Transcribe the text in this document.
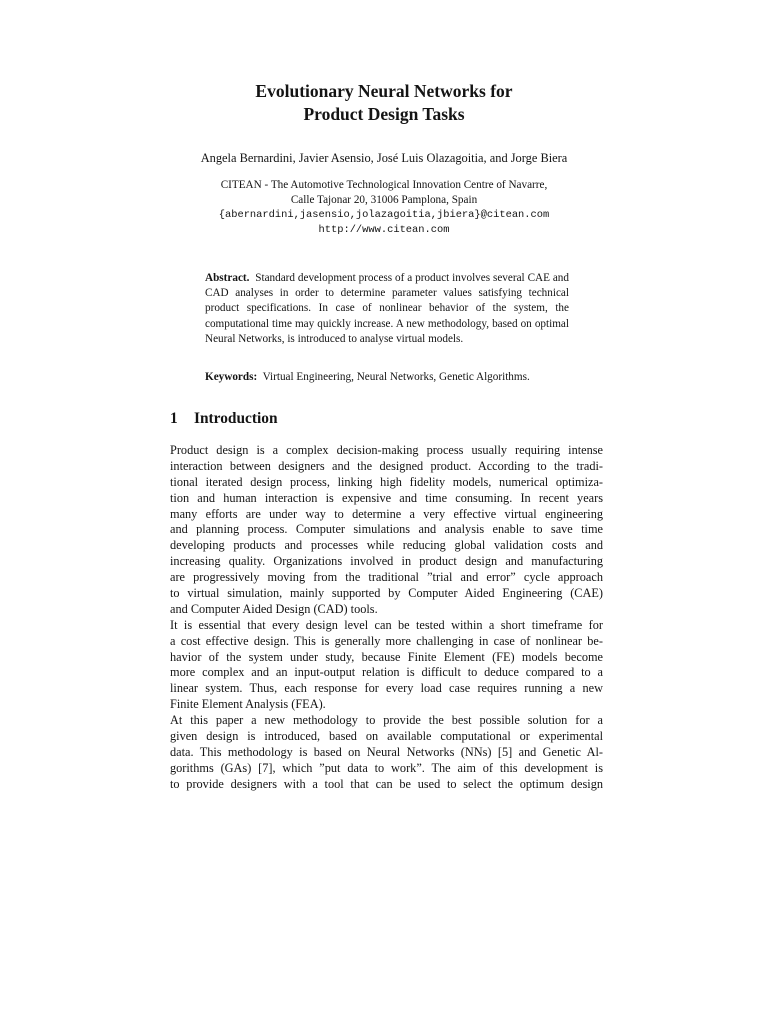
Evolutionary Neural Networks for
Product Design Tasks
Angela Bernardini, Javier Asensio, José Luis Olazagoitia, and Jorge Biera
CITEAN - The Automotive Technological Innovation Centre of Navarre,
Calle Tajonar 20, 31006 Pamplona, Spain
{abernardini,jasensio,jolazagoitia,jbiera}@citean.com
http://www.citean.com

Abstract. Standard development process of a product involves several CAE and CAD analyses in order to determine parameter values satisfying technical product specifications. In case of nonlinear behavior of the system, the computational time may quickly increase. A new methodology, based on optimal Neural Networks, is introduced to analyse virtual models.

Keywords: Virtual Engineering, Neural Networks, Genetic Algorithms.
1 Introduction
Product design is a complex decision-making process usually requiring intense
interaction between designers and the designed product. According to the tradi-
tional iterated design process, linking high fidelity models, numerical optimiza-
tion and human interaction is expensive and time consuming. In recent years
many efforts are under way to determine a very effective virtual engineering
and planning process. Computer simulations and analysis enable to save time
developing products and processes while reducing global validation costs and
increasing quality. Organizations involved in product design and manufacturing
are progressively moving from the traditional ”trial and error” cycle approach
to virtual simulation, mainly supported by Computer Aided Engineering (CAE)
and Computer Aided Design (CAD) tools.
It is essential that every design level can be tested within a short timeframe for
a cost effective design. This is generally more challenging in case of nonlinear be-
havior of the system under study, because Finite Element (FE) models become
more complex and an input-output relation is difficult to deduce compared to a
linear system. Thus, each response for every load case requires running a new
Finite Element Analysis (FEA).
At this paper a new methodology to provide the best possible solution for a
given design is introduced, based on available computational or experimental
data. This methodology is based on Neural Networks (NNs) [5] and Genetic Al-
gorithms (GAs) [7], which ”put data to work”. The aim of this development is
to provide designers with a tool that can be used to select the optimum design
